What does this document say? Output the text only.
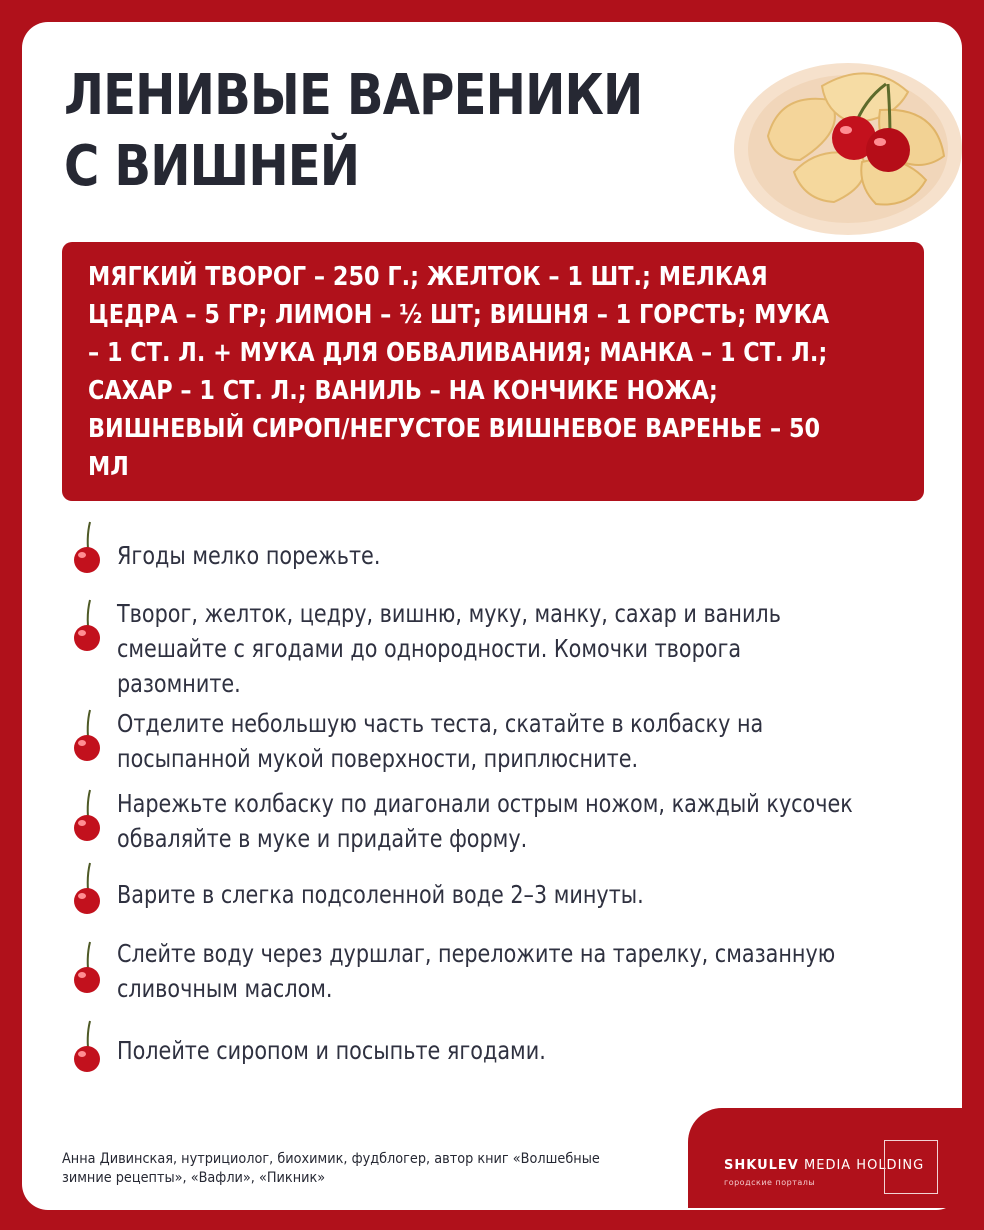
ЛЕНИВЫЕ ВАРЕНИКИ
С ВИШНЕЙ

МЯГКИЙ ТВОРОГ – 250 Г.; ЖЕЛТОК – 1 ШТ.; МЕЛКАЯ
ЦЕДРА – 5 ГР; ЛИМОН – ½ ШТ; ВИШНЯ – 1 ГОРСТЬ; МУКА
– 1 СТ. Л. + МУКА ДЛЯ ОБВАЛИВАНИЯ; МАНКА – 1 СТ. Л.;
САХАР – 1 СТ. Л.; ВАНИЛЬ – НА КОНЧИКЕ НОЖА;
ВИШНЕВЫЙ СИРОП/НЕГУСТОЕ ВИШНЕВОЕ ВАРЕНЬЕ – 50
МЛ

Ягоды мелко порежьте.

Творог, желток, цедру, вишню, муку, манку, сахар и ваниль
смешайте с ягодами до однородности. Комочки творога
разомните.

Отделите небольшую часть теста, скатайте в колбаску на
посыпанной мукой поверхности, приплюсните.

Нарежьте колбаску по диагонали острым ножом, каждый кусочек
обваляйте в муке и придайте форму.

Варите в слегка подсоленной воде 2–3 минуты.

Слейте воду через дуршлаг, переложите на тарелку, смазанную
сливочным маслом.

Полейте сиропом и посыпьте ягодами.

Анна Дивинская, нутрициолог, биохимик, фудблогер, автор книг «Волшебные
зимние рецепты», «Вафли», «Пикник»

SHKULEV MEDIA HOLDING

городские порталы
